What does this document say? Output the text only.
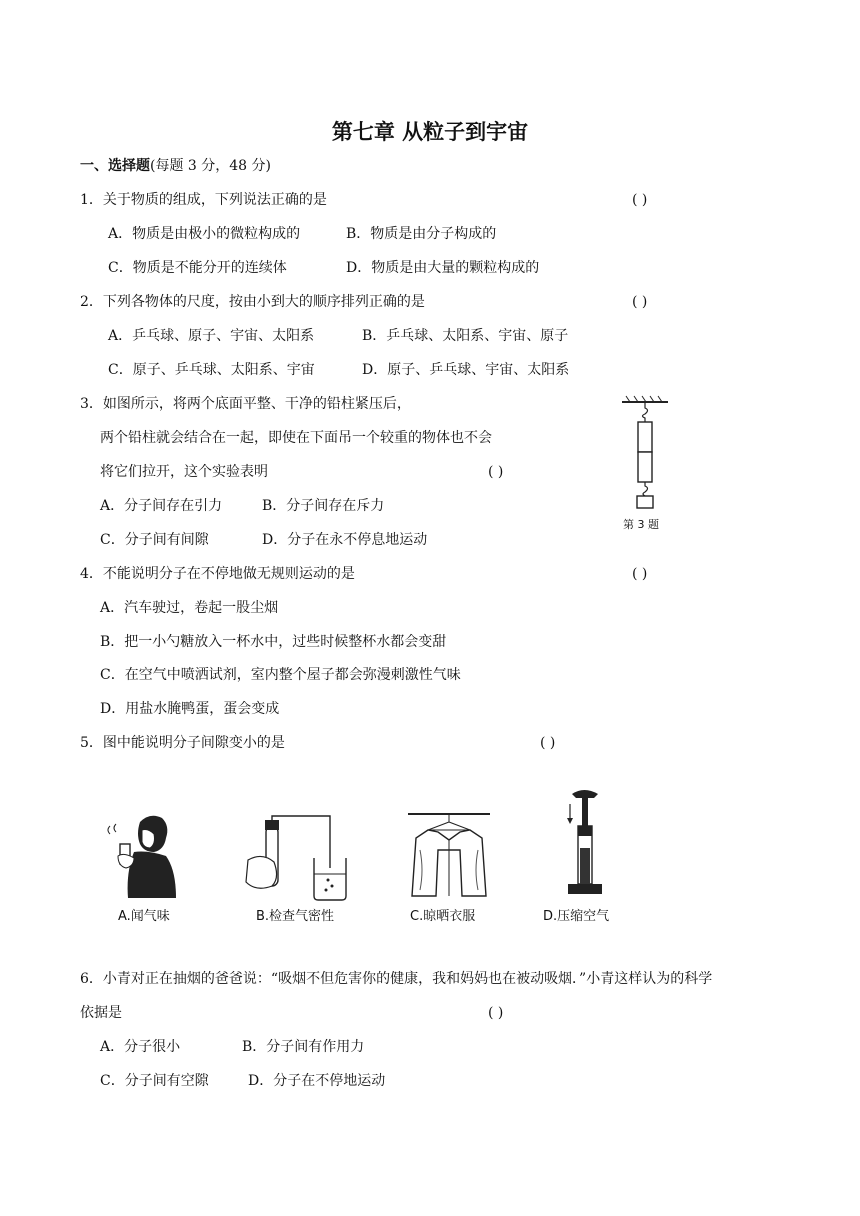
第七章 从粒子到宇宙
一、选择题(每题 3 分，48 分)
1．关于物质的组成，下列说法正确的是	( )
A．物质是由极小的微粒构成的	B．物质是由分子构成的
C．物质是不能分开的连续体	D．物质是由大量的颗粒构成的
2．下列各物体的尺度，按由小到大的顺序排列正确的是	( )
A．乒乓球、原子、宇宙、太阳系	B．乒乓球、太阳系、宇宙、原子
C．原子、乒乓球、太阳系、宇宙	D．原子、乒乓球、宇宙、太阳系
3．如图所示，将两个底面平整、干净的铅柱紧压后，
两个铅柱就会结合在一起，即使在下面吊一个较重的物体也不会
将它们拉开，这个实验表明	( )
A．分子间存在引力	B．分子间存在斥力
C．分子间有间隙	D．分子在永不停息地运动
第 3 题
4．不能说明分子在不停地做无规则运动的是	( )
A．汽车驶过，卷起一股尘烟
B．把一小勺糖放入一杯水中，过些时候整杯水都会变甜
C．在空气中喷洒试剂，室内整个屋子都会弥漫刺激性气味
D．用盐水腌鸭蛋，蛋会变成
5．图中能说明分子间隙变小的是	( )
A.闻气味	B.检查气密性	C.晾晒衣服	D.压缩空气
6．小青对正在抽烟的爸爸说：“吸烟不但危害你的健康，我和妈妈也在被动吸烟．”小青这样认为的科学
依据是	( )
A．分子很小	B．分子间有作用力
C．分子间有空隙	D．分子在不停地运动
